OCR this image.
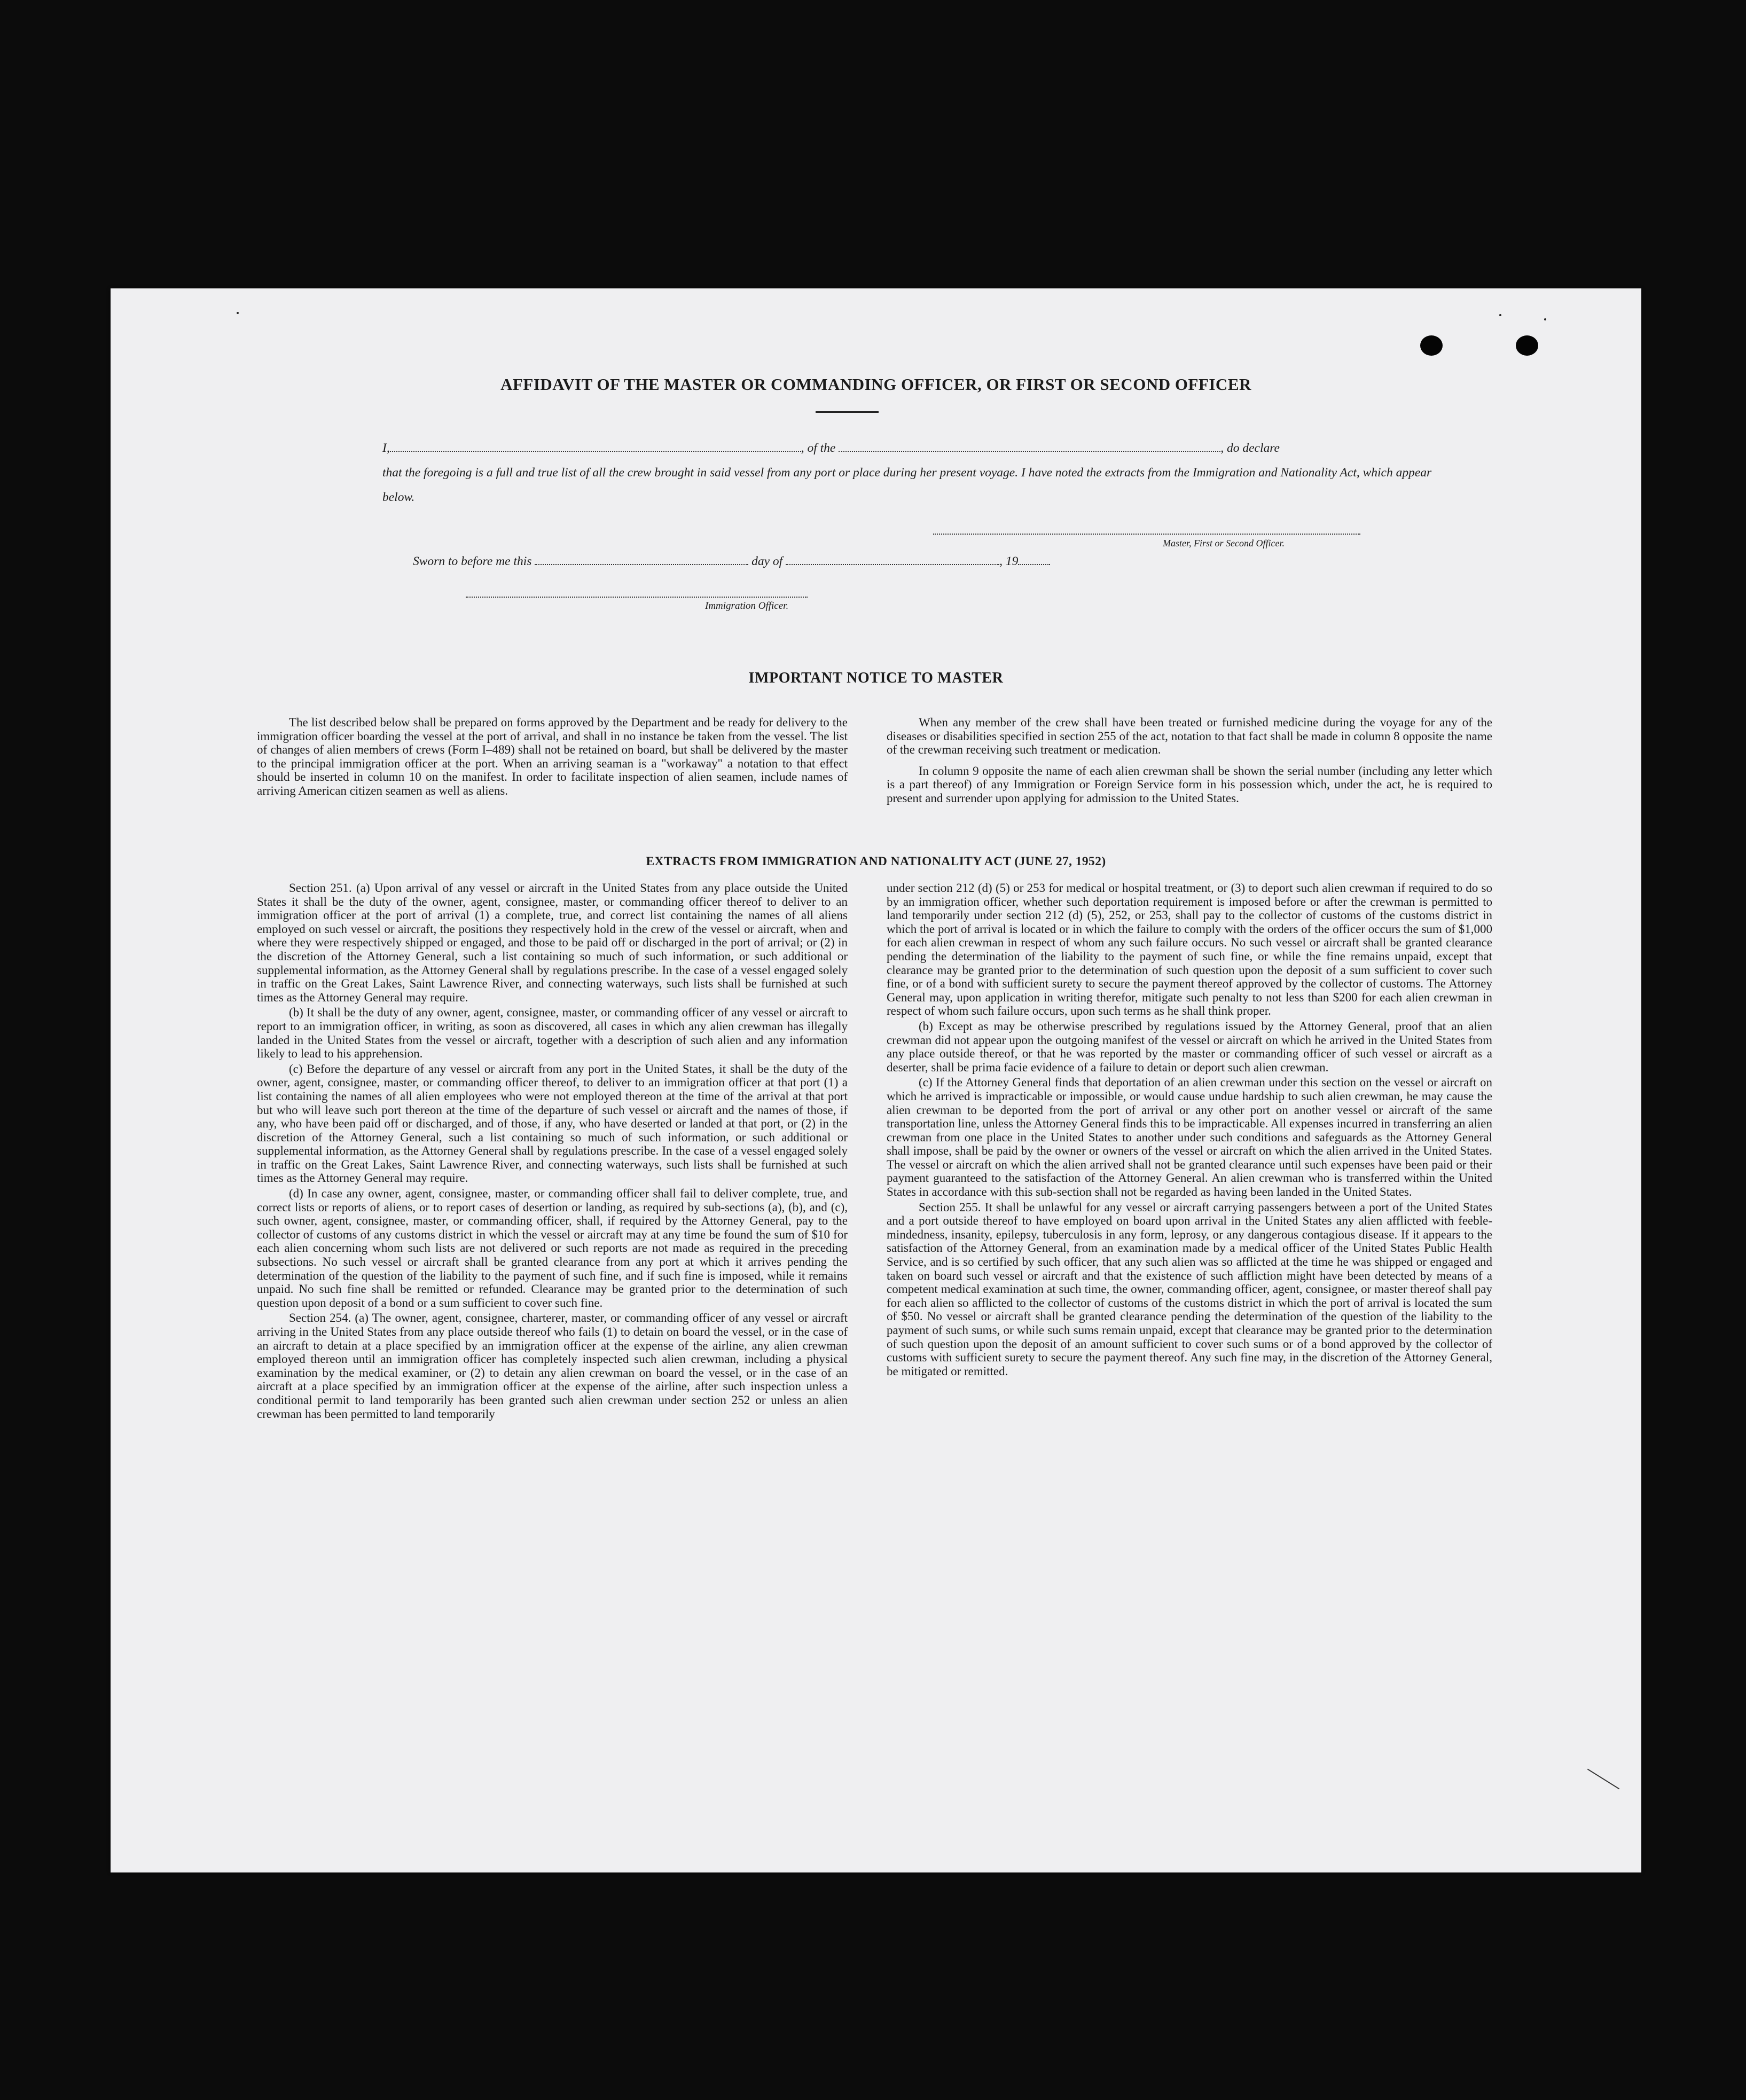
AFFIDAVIT OF THE MASTER OR COMMANDING OFFICER, OR FIRST OR SECOND OFFICER
I,	, of the	, do declare
that the foregoing is a full and true list of all the crew brought in said vessel from any port or place during her present voyage. I have noted the extracts from the Immigration and Nationality Act, which appear below.
Master, First or Second Officer.
Sworn to before me this	day of	, 19
Immigration Officer.
IMPORTANT NOTICE TO MASTER

The list described below shall be prepared on forms approved by the Department and be ready for delivery to the immigration officer boarding the vessel at the port of arrival, and shall in no instance be taken from the vessel. The list of changes of alien members of crews (Form I–489) shall not be retained on board, but shall be delivered by the master to the principal immigration officer at the port. When an arriving seaman is a "workaway" a notation to that effect should be inserted in column 10 on the manifest. In order to facilitate inspection of alien seamen, include names of arriving American citizen seamen as well as aliens.

When any member of the crew shall have been treated or furnished medicine during the voyage for any of the diseases or disabilities specified in section 255 of the act, notation to that fact shall be made in column 8 opposite the name of the crewman receiving such treatment or medication.

In column 9 opposite the name of each alien crewman shall be shown the serial number (including any letter which is a part thereof) of any Immigration or Foreign Service form in his possession which, under the act, he is required to present and surrender upon applying for admission to the United States.

EXTRACTS FROM IMMIGRATION AND NATIONALITY ACT (JUNE 27, 1952)

Section 251. (a) Upon arrival of any vessel or aircraft in the United States from any place outside the United States it shall be the duty of the owner, agent, consignee, master, or commanding officer thereof to deliver to an immigration officer at the port of arrival (1) a complete, true, and correct list containing the names of all aliens employed on such vessel or aircraft, the positions they respectively hold in the crew of the vessel or aircraft, when and where they were respectively shipped or engaged, and those to be paid off or discharged in the port of arrival; or (2) in the discretion of the Attorney General, such a list containing so much of such information, or such additional or supplemental information, as the Attorney General shall by regulations prescribe. In the case of a vessel engaged solely in traffic on the Great Lakes, Saint Lawrence River, and connecting waterways, such lists shall be furnished at such times as the Attorney General may require.

(b) It shall be the duty of any owner, agent, consignee, master, or commanding officer of any vessel or aircraft to report to an immigration officer, in writing, as soon as discovered, all cases in which any alien crewman has illegally landed in the United States from the vessel or aircraft, together with a description of such alien and any information likely to lead to his apprehension.

(c) Before the departure of any vessel or aircraft from any port in the United States, it shall be the duty of the owner, agent, consignee, master, or commanding officer thereof, to deliver to an immigration officer at that port (1) a list containing the names of all alien employees who were not employed thereon at the time of the arrival at that port but who will leave such port thereon at the time of the departure of such vessel or aircraft and the names of those, if any, who have been paid off or discharged, and of those, if any, who have deserted or landed at that port, or (2) in the discretion of the Attorney General, such a list containing so much of such information, or such additional or supplemental information, as the Attorney General shall by regulations prescribe. In the case of a vessel engaged solely in traffic on the Great Lakes, Saint Lawrence River, and connecting waterways, such lists shall be furnished at such times as the Attorney General may require.

(d) In case any owner, agent, consignee, master, or commanding officer shall fail to deliver complete, true, and correct lists or reports of aliens, or to report cases of desertion or landing, as required by sub-sections (a), (b), and (c), such owner, agent, consignee, master, or commanding officer, shall, if required by the Attorney General, pay to the collector of customs of any customs district in which the vessel or aircraft may at any time be found the sum of $10 for each alien concerning whom such lists are not delivered or such reports are not made as required in the preceding subsections. No such vessel or aircraft shall be granted clearance from any port at which it arrives pending the determination of the question of the liability to the payment of such fine, and if such fine is imposed, while it remains unpaid. No such fine shall be remitted or refunded. Clearance may be granted prior to the determination of such question upon deposit of a bond or a sum sufficient to cover such fine.

Section 254. (a) The owner, agent, consignee, charterer, master, or commanding officer of any vessel or aircraft arriving in the United States from any place outside thereof who fails (1) to detain on board the vessel, or in the case of an aircraft to detain at a place specified by an immigration officer at the expense of the airline, any alien crewman employed thereon until an immigration officer has completely inspected such alien crewman, including a physical examination by the medical examiner, or (2) to detain any alien crewman on board the vessel, or in the case of an aircraft at a place specified by an immigration officer at the expense of the airline, after such inspection unless a conditional permit to land temporarily has been granted such alien crewman under section 252 or unless an alien crewman has been permitted to land temporarily

under section 212 (d) (5) or 253 for medical or hospital treatment, or (3) to deport such alien crewman if required to do so by an immigration officer, whether such deportation requirement is imposed before or after the crewman is permitted to land temporarily under section 212 (d) (5), 252, or 253, shall pay to the collector of customs of the customs district in which the port of arrival is located or in which the failure to comply with the orders of the officer occurs the sum of $1,000 for each alien crewman in respect of whom any such failure occurs. No such vessel or aircraft shall be granted clearance pending the determination of the liability to the payment of such fine, or while the fine remains unpaid, except that clearance may be granted prior to the determination of such question upon the deposit of a sum sufficient to cover such fine, or of a bond with sufficient surety to secure the payment thereof approved by the collector of customs. The Attorney General may, upon application in writing therefor, mitigate such penalty to not less than $200 for each alien crewman in respect of whom such failure occurs, upon such terms as he shall think proper.

(b) Except as may be otherwise prescribed by regulations issued by the Attorney General, proof that an alien crewman did not appear upon the outgoing manifest of the vessel or aircraft on which he arrived in the United States from any place outside thereof, or that he was reported by the master or commanding officer of such vessel or aircraft as a deserter, shall be prima facie evidence of a failure to detain or deport such alien crewman.

(c) If the Attorney General finds that deportation of an alien crewman under this section on the vessel or aircraft on which he arrived is impracticable or impossible, or would cause undue hardship to such alien crewman, he may cause the alien crewman to be deported from the port of arrival or any other port on another vessel or aircraft of the same transportation line, unless the Attorney General finds this to be impracticable. All expenses incurred in transferring an alien crewman from one place in the United States to another under such conditions and safeguards as the Attorney General shall impose, shall be paid by the owner or owners of the vessel or aircraft on which the alien arrived in the United States. The vessel or aircraft on which the alien arrived shall not be granted clearance until such expenses have been paid or their payment guaranteed to the satisfaction of the Attorney General. An alien crewman who is transferred within the United States in accordance with this sub-section shall not be regarded as having been landed in the United States.

Section 255. It shall be unlawful for any vessel or aircraft carrying passengers between a port of the United States and a port outside thereof to have employed on board upon arrival in the United States any alien afflicted with feeble-mindedness, insanity, epilepsy, tuberculosis in any form, leprosy, or any dangerous contagious disease. If it appears to the satisfaction of the Attorney General, from an examination made by a medical officer of the United States Public Health Service, and is so certified by such officer, that any such alien was so afflicted at the time he was shipped or engaged and taken on board such vessel or aircraft and that the existence of such affliction might have been detected by means of a competent medical examination at such time, the owner, commanding officer, agent, consignee, or master thereof shall pay for each alien so afflicted to the collector of customs of the customs district in which the port of arrival is located the sum of $50. No vessel or aircraft shall be granted clearance pending the determination of the question of the liability to the payment of such sums, or while such sums remain unpaid, except that clearance may be granted prior to the determination of such question upon the deposit of an amount sufficient to cover such sums or of a bond approved by the collector of customs with sufficient surety to secure the payment thereof. Any such fine may, in the discretion of the Attorney General, be mitigated or remitted.
